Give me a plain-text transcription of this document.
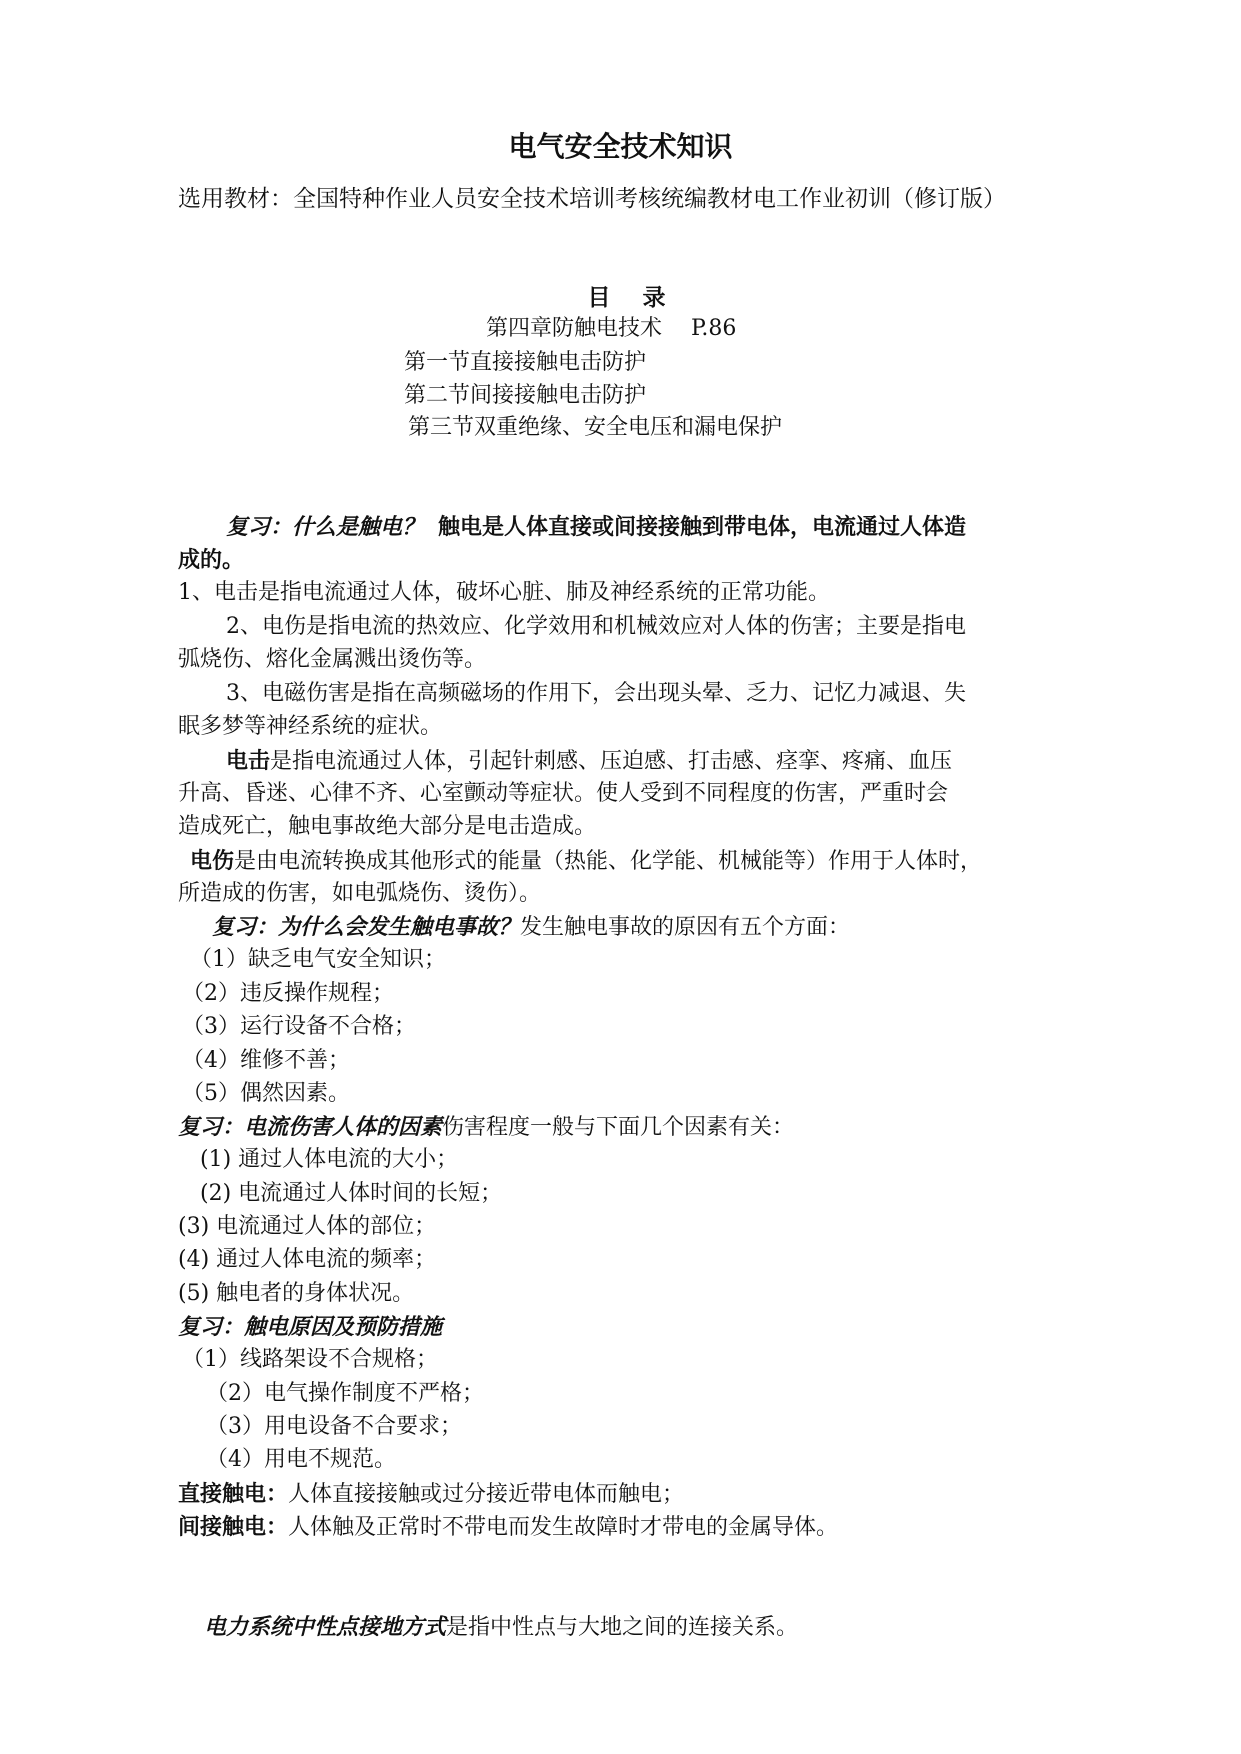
电气安全技术知识
选用教材：全国特种作业人员安全技术培训考核统编教材电工作业初训（修订版）
目 录
第四章防触电技术　 P.86
第一节直接接触电击防护
第二节间接接触电击防护
第三节双重绝缘、安全电压和漏电保护
复习：什么是触电？ 触电是人体直接或间接接触到带电体，电流通过人体造
成的。
1、电击是指电流通过人体，破坏心脏、肺及神经系统的正常功能。
2、电伤是指电流的热效应、化学效用和机械效应对人体的伤害；主要是指电
弧烧伤、熔化金属溅出烫伤等。
3、电磁伤害是指在高频磁场的作用下，会出现头晕、乏力、记忆力减退、失
眠多梦等神经系统的症状。
电击是指电流通过人体，引起针刺感、压迫感、打击感、痉挛、疼痛、血压
升高、昏迷、心律不齐、心室颤动等症状。使人受到不同程度的伤害，严重时会
造成死亡，触电事故绝大部分是电击造成。
电伤是由电流转换成其他形式的能量（热能、化学能、机械能等）作用于人体时，
所造成的伤害，如电弧烧伤、烫伤）。
复习：为什么会发生触电事故？发生触电事故的原因有五个方面：
（1）缺乏电气安全知识；
（2）违反操作规程；
（3）运行设备不合格；
（4）维修不善；
（5）偶然因素。
复习：电流伤害人体的因素伤害程度一般与下面几个因素有关：
(1) 通过人体电流的大小；
(2) 电流通过人体时间的长短；
(3) 电流通过人体的部位；
(4) 通过人体电流的频率；
(5) 触电者的身体状况。
复习：触电原因及预防措施
（1）线路架设不合规格；
（2）电气操作制度不严格；
（3）用电设备不合要求；
（4）用电不规范。
直接触电：人体直接接触或过分接近带电体而触电；
间接触电：人体触及正常时不带电而发生故障时才带电的金属导体。
电力系统中性点接地方式是指中性点与大地之间的连接关系。
